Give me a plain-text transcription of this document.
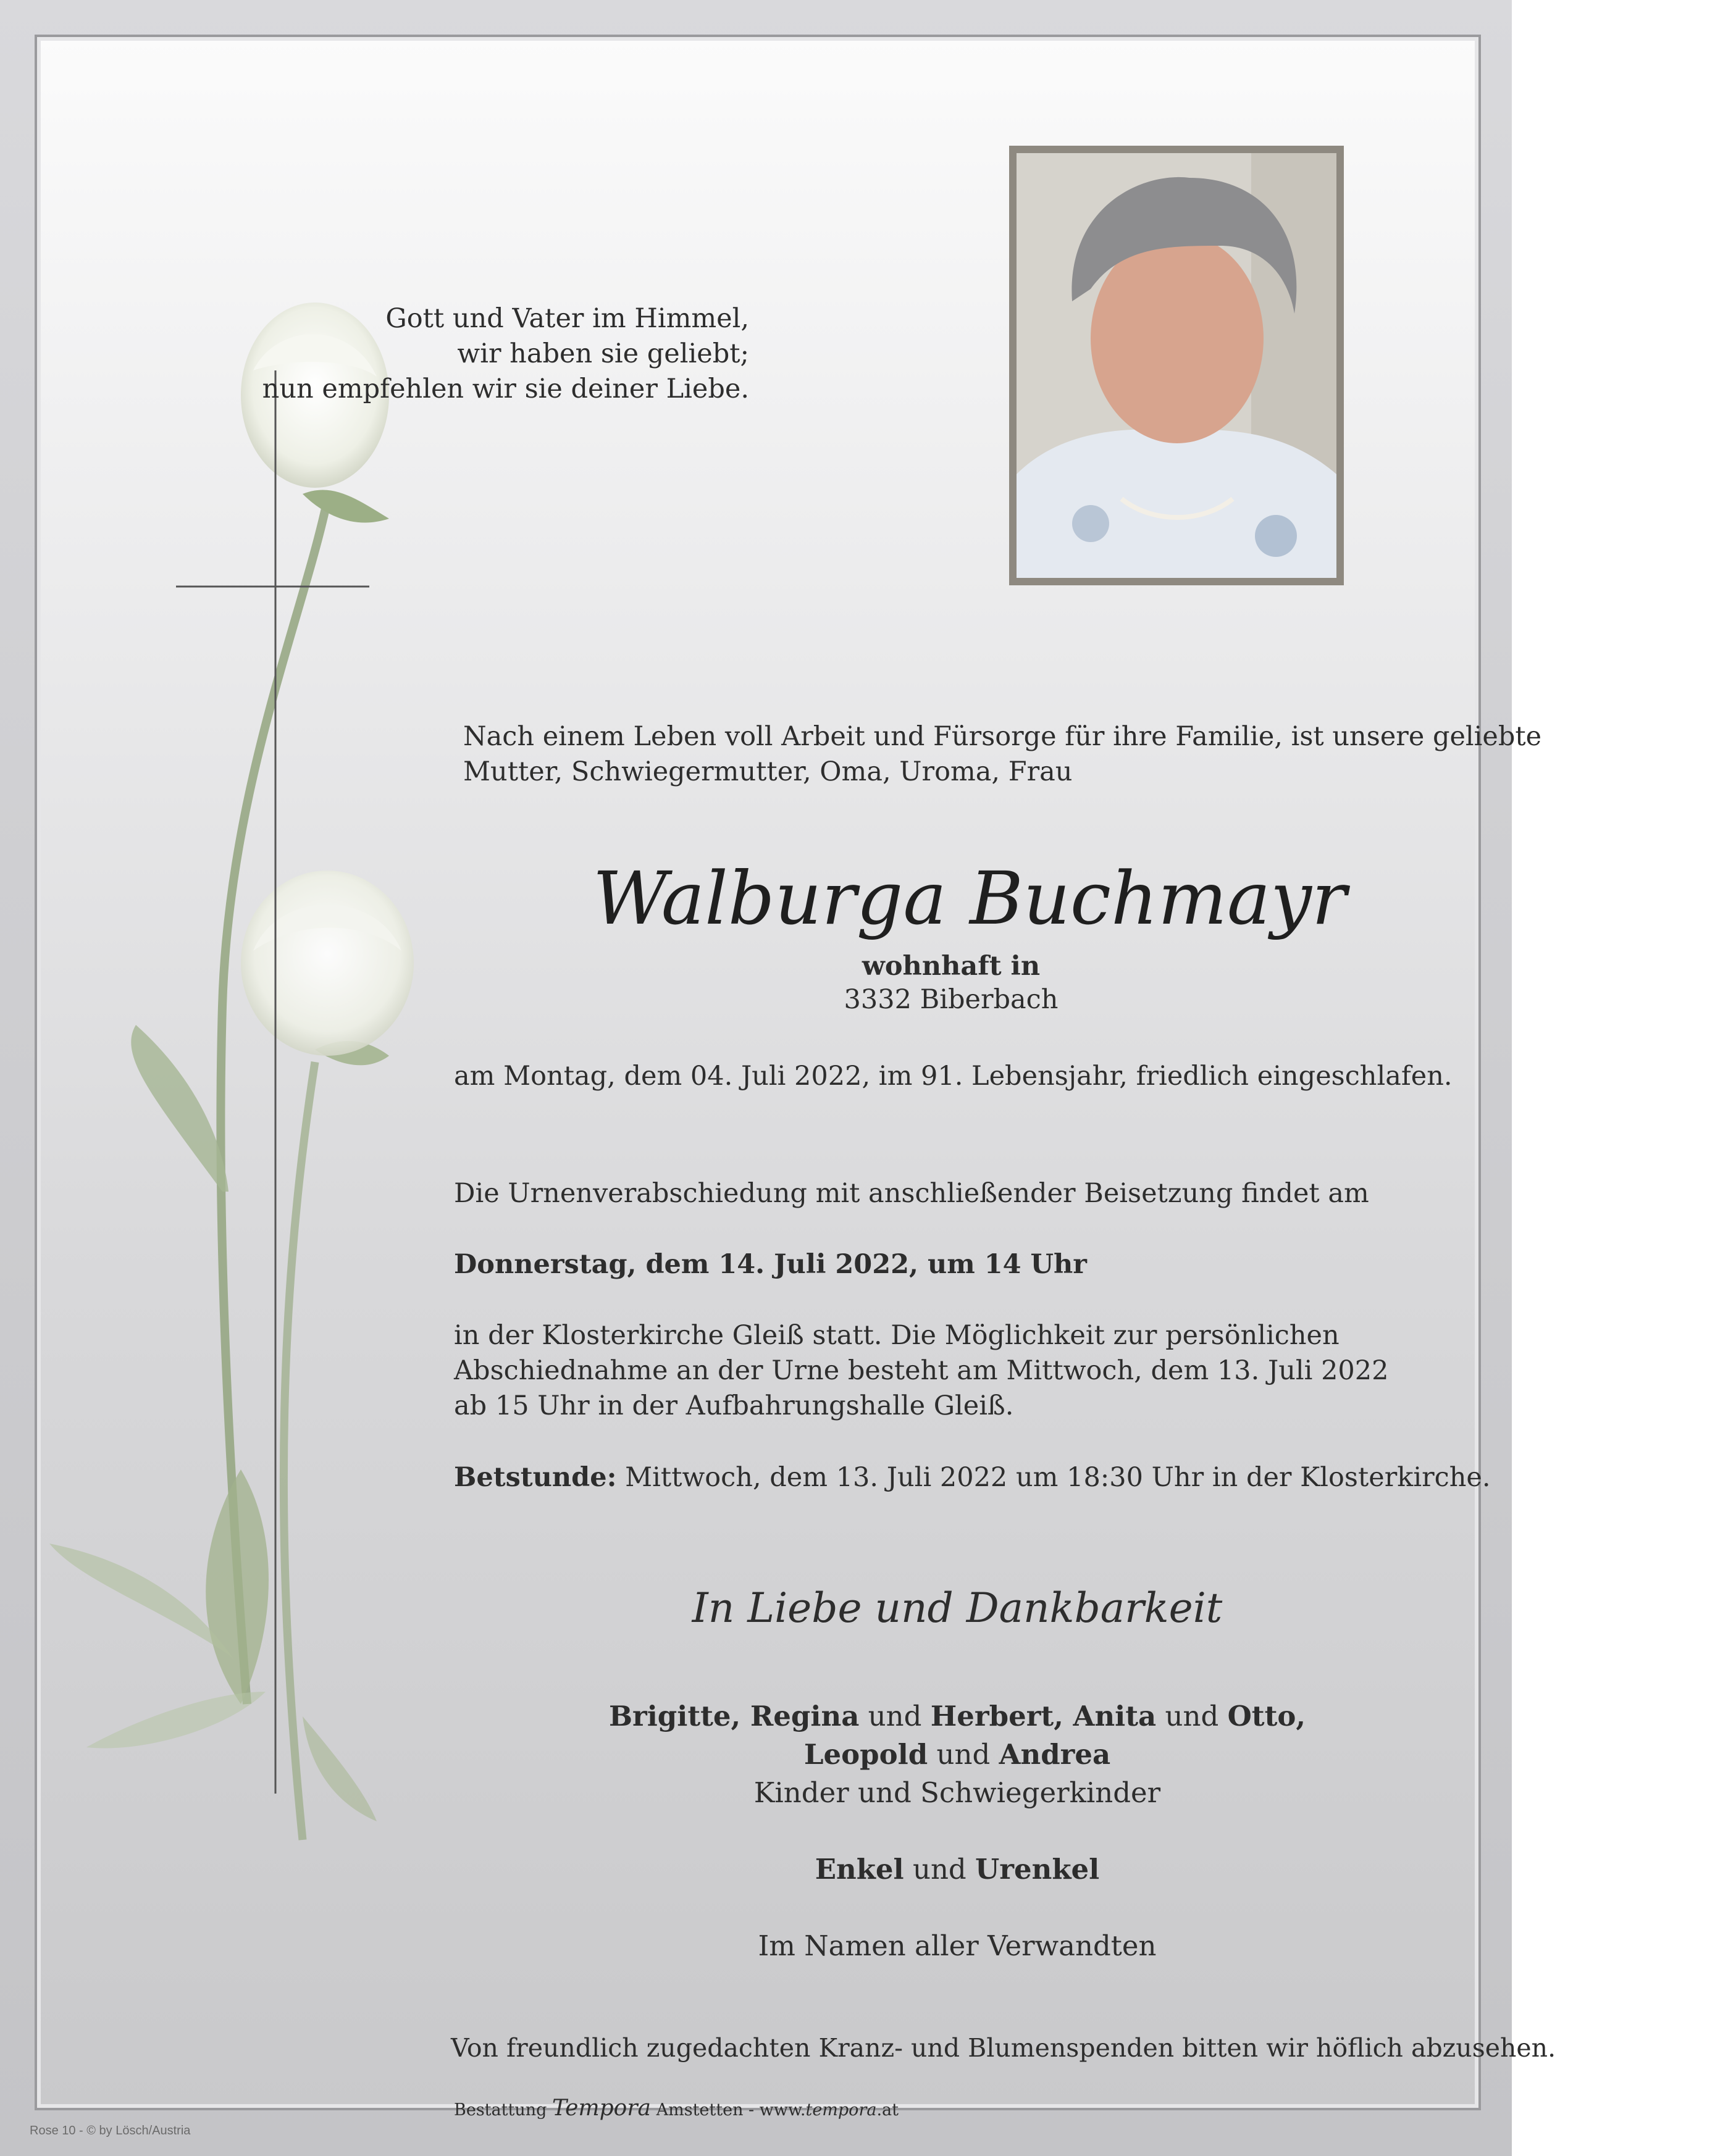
Gott und Vater im Himmel,
wir haben sie geliebt;
nun empfehlen wir sie deiner Liebe.
Nach einem Leben voll Arbeit und Fürsorge für ihre Familie, ist unsere geliebte
Mutter, Schwiegermutter, Oma, Uroma, Frau
Walburga Buchmayr
wohnhaft in
3332 Biberbach
am Montag, dem 04. Juli 2022, im 91. Lebensjahr, friedlich eingeschlafen.
Die Urnenverabschiedung mit anschließender Beisetzung findet am
Donnerstag, dem 14. Juli 2022, um 14 Uhr
in der Klosterkirche Gleiß statt. Die Möglichkeit zur persönlichen
Abschiednahme an der Urne besteht am Mittwoch, dem 13. Juli 2022
ab 15 Uhr in der Aufbahrungshalle Gleiß.
Betstunde: Mittwoch, dem 13. Juli 2022 um 18:30 Uhr in der Klosterkirche.
In Liebe und Dankbarkeit
Brigitte, Regina und Herbert, Anita und Otto,
Leopold und Andrea
Kinder und Schwiegerkinder
Enkel und Urenkel
Im Namen aller Verwandten
Von freundlich zugedachten Kranz- und Blumenspenden bitten wir höflich abzusehen.
Bestattung Tempora Amstetten - www.tempora.at
Rose 10 - © by Lösch/Austria
